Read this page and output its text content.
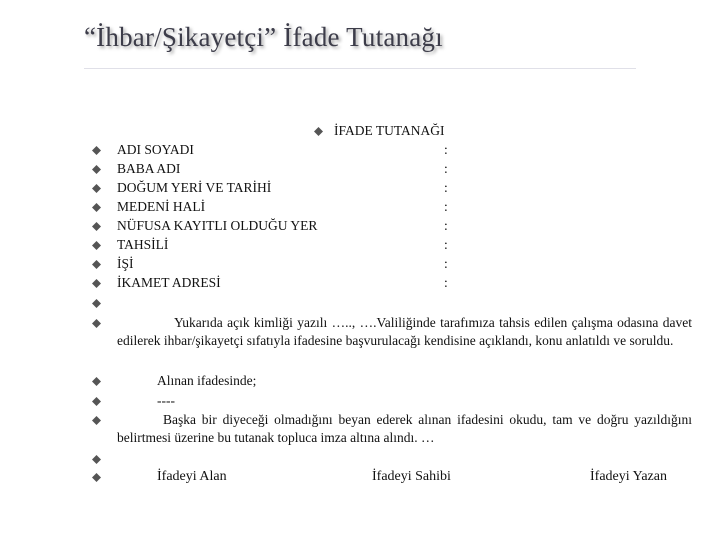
“İhbar/Şikayetçi” İfade Tutanağı
İFADE TUTANAĞI
ADI SOYADI	:
BABA ADI	:
DOĞUM YERİ VE TARİHİ	:
MEDENİ HALİ	:
NÜFUSA KAYITLI OLDUĞU YER	:
TAHSİLİ	:
İŞİ	:
İKAMET ADRESİ	:
Yukarıda açık kimliği yazılı ….., ….Valiliğinde tarafımıza tahsis edilen çalışma odasına davet edilerek ihbar/şikayetçi sıfatıyla ifadesine başvurulacağı kendisine açıklandı, konu anlatıldı ve soruldu.
Alınan ifadesinde;
----
Başka bir diyeceği olmadığını beyan ederek alınan ifadesini okudu, tam ve doğru yazıldığını belirtmesi üzerine bu tutanak topluca imza altına alındı. …
İfadeyi Alan	İfadeyi Sahibi	İfadeyi Yazan
